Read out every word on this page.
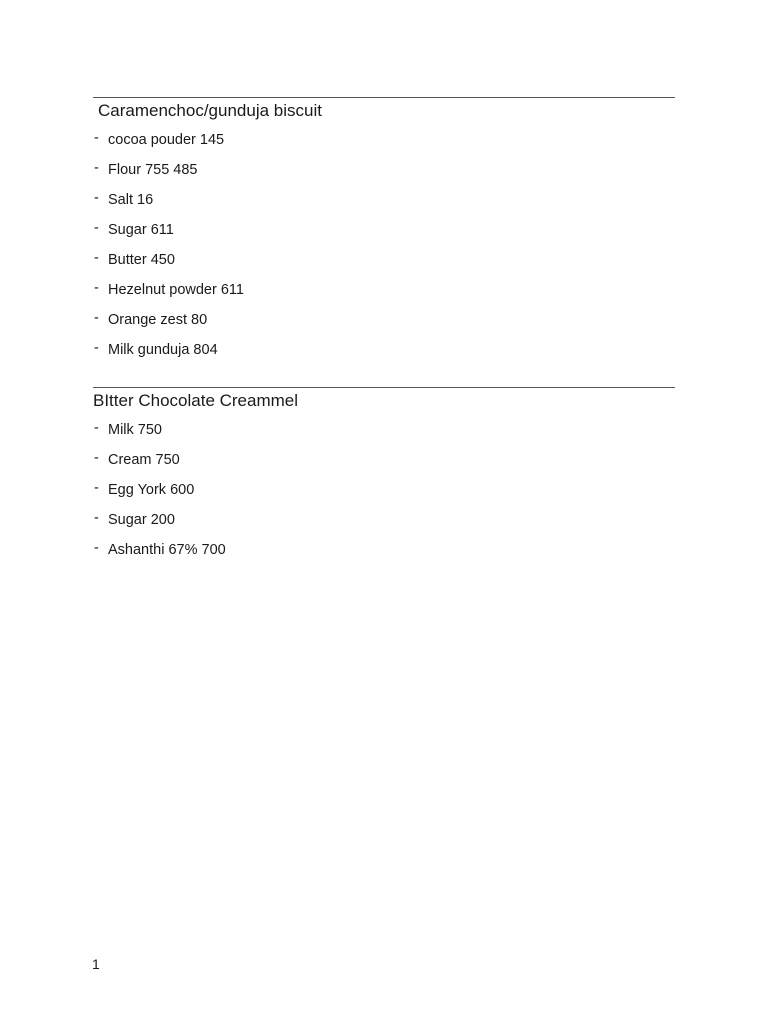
Caramenchoc/gunduja biscuit
- cocoa pouder 145
- Flour 755 485
- Salt 16
- Sugar 611
- Butter 450
- Hezelnut powder 611
- Orange zest 80
- Milk gunduja 804
BItter Chocolate Creammel
- Milk 750
- Cream 750
- Egg York 600
- Sugar 200
- Ashanthi 67% 700
1
